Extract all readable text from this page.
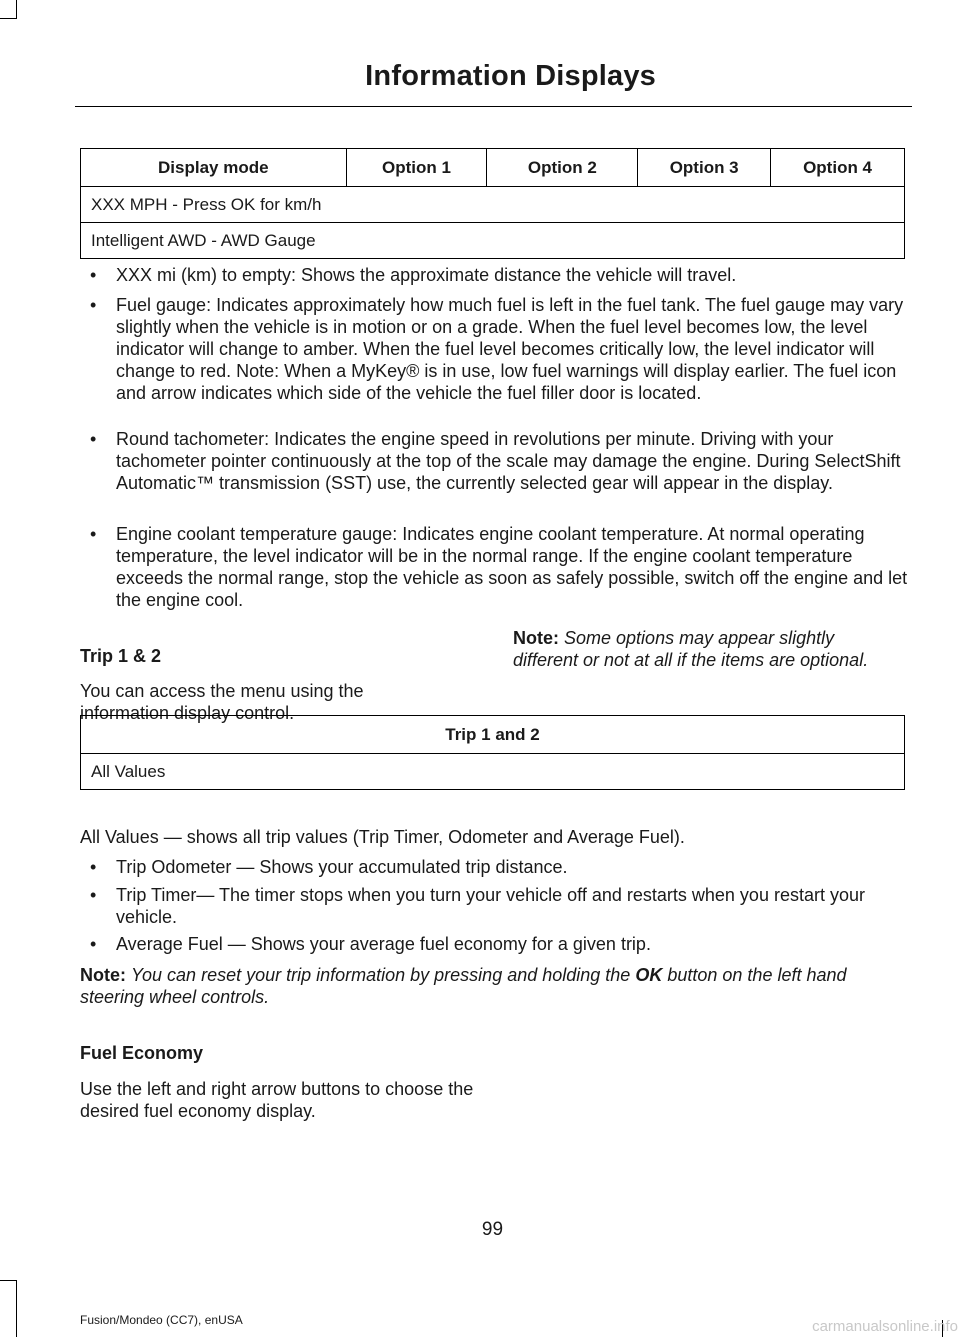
Information Displays
Display mode	Option 1	Option 2	Option 3	Option 4
XXX MPH - Press OK for km/h
Intelligent AWD - AWD Gauge
• XXX mi (km) to empty: Shows the approximate distance the vehicle will travel.
• Fuel gauge: Indicates approximately how much fuel is left in the fuel tank. The fuel gauge may vary slightly when the vehicle is in motion or on a grade. When the fuel level becomes low, the level indicator will change to amber. When the fuel level becomes critically low, the level indicator will change to red. Note: When a MyKey® is in use, low fuel warnings will display earlier. The fuel icon and arrow indicates which side of the vehicle the fuel filler door is located.
• Round tachometer: Indicates the engine speed in revolutions per minute. Driving with your tachometer pointer continuously at the top of the scale may damage the engine. During SelectShift Automatic™ transmission (SST) use, the currently selected gear will appear in the display.
• Engine coolant temperature gauge: Indicates engine coolant temperature. At normal operating temperature, the level indicator will be in the normal range. If the engine coolant temperature exceeds the normal range, stop the vehicle as soon as safely possible, switch off the engine and let the engine cool.
Trip 1 & 2
You can access the menu using the information display control.
Note: Some options may appear slightly different or not at all if the items are optional.
Trip 1 and 2
All Values
All Values — shows all trip values (Trip Timer, Odometer and Average Fuel).
• Trip Odometer — Shows your accumulated trip distance.
• Trip Timer— The timer stops when you turn your vehicle off and restarts when you restart your vehicle.
• Average Fuel — Shows your average fuel economy for a given trip.
Note: You can reset your trip information by pressing and holding the OK button on the left hand steering wheel controls.
Fuel Economy
Use the left and right arrow buttons to choose the desired fuel economy display.
99
Fusion/Mondeo (CC7), enUSA	carmanualsonline.info
